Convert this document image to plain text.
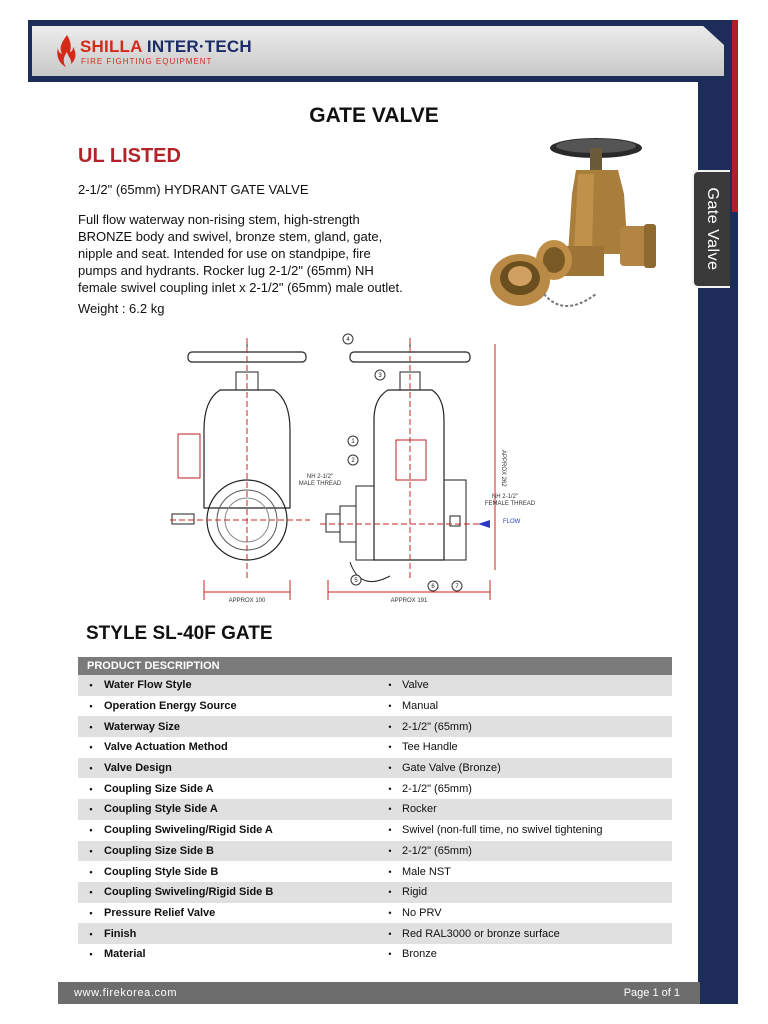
SHILLA INTER·TECH
FIRE FIGHTING EQUIPMENT
Gate Valve
GATE VALVE
UL LISTED
2-1/2" (65mm) HYDRANT GATE VALVE
Full flow waterway non-rising stem, high-strength BRONZE body and swivel, bronze stem, gland, gate, nipple and seat. Intended for use on standpipe, fire pumps and hydrants. Rocker lug 2-1/2" (65mm) NH female swivel coupling inlet x 2-1/2" (65mm) male outlet.
Weight : 6.2 kg
APPROX 100	APPROX 191
APPROX 262
NH 2-1/2"
MALE THREAD
NH 2-1/2"
FEMALE THREAD
FLOW
4
3
1
2
5
6	7
STYLE SL-40F GATE
PRODUCT DESCRIPTION
•	Water Flow Style	• Valve
•	Operation Energy Source	• Manual
•	Waterway Size	• 2-1/2" (65mm)
•	Valve Actuation Method	• Tee Handle
•	Valve Design	• Gate Valve (Bronze)
•	Coupling Size Side A	• 2-1/2" (65mm)
•	Coupling Style Side A	• Rocker
•	Coupling Swiveling/Rigid Side A	• Swivel (non-full time, no swivel tightening
•	Coupling Size Side B	• 2-1/2" (65mm)
•	Coupling Style Side B	• Male NST
•	Coupling Swiveling/Rigid Side B	• Rigid
•	Pressure Relief Valve	• No PRV
•	Finish	• Red RAL3000 or bronze surface
•	Material	• Bronze
www.firekorea.com	Page 1 of 1
